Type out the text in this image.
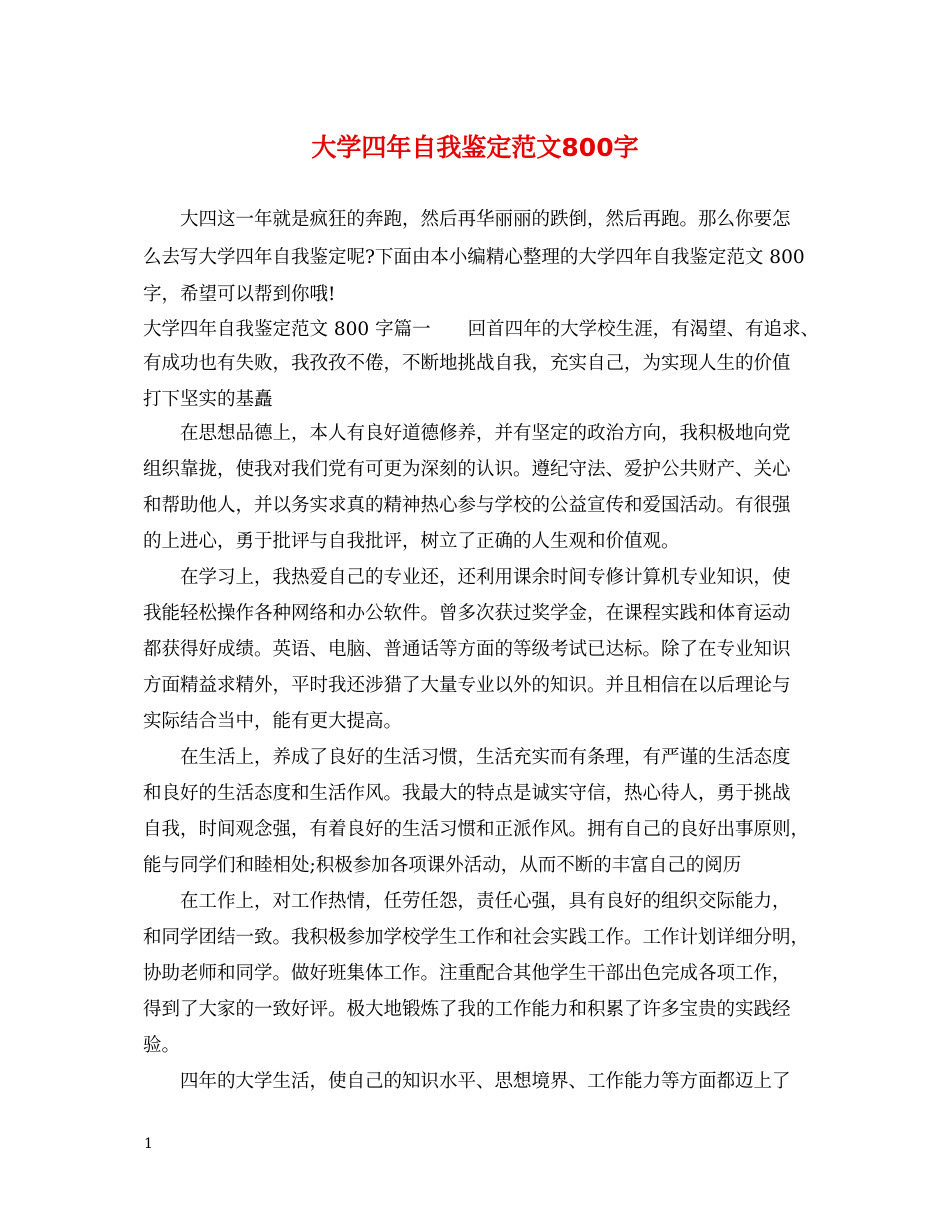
大学四年自我鉴定范文800字
大四这一年就是疯狂的奔跑，然后再华丽丽的跌倒，然后再跑。那么你要怎
么去写大学四年自我鉴定呢?下面由本小编精心整理的大学四年自我鉴定范文 800
字，希望可以帮到你哦!
大学四年自我鉴定范文 800 字篇一　　回首四年的大学校生涯，有渴望、有追求、
有成功也有失败，我孜孜不倦，不断地挑战自我，充实自己，为实现人生的价值
打下坚实的基矗
在思想品德上，本人有良好道德修养，并有坚定的政治方向，我积极地向党
组织靠拢，使我对我们党有可更为深刻的认识。遵纪守法、爱护公共财产、关心
和帮助他人，并以务实求真的精神热心参与学校的公益宣传和爱国活动。有很强
的上进心，勇于批评与自我批评，树立了正确的人生观和价值观。
在学习上，我热爱自己的专业还，还利用课余时间专修计算机专业知识，使
我能轻松操作各种网络和办公软件。曾多次获过奖学金，在课程实践和体育运动
都获得好成绩。英语、电脑、普通话等方面的等级考试已达标。除了在专业知识
方面精益求精外，平时我还涉猎了大量专业以外的知识。并且相信在以后理论与
实际结合当中，能有更大提高。
在生活上，养成了良好的生活习惯，生活充实而有条理，有严谨的生活态度
和良好的生活态度和生活作风。我最大的特点是诚实守信，热心待人，勇于挑战
自我，时间观念强，有着良好的生活习惯和正派作风。拥有自己的良好出事原则，
能与同学们和睦相处;积极参加各项课外活动，从而不断的丰富自己的阅历
在工作上，对工作热情，任劳任怨，责任心强，具有良好的组织交际能力，
和同学团结一致。我积极参加学校学生工作和社会实践工作。工作计划详细分明，
协助老师和同学。做好班集体工作。注重配合其他学生干部出色完成各项工作，
得到了大家的一致好评。极大地锻炼了我的工作能力和积累了许多宝贵的实践经
验。
四年的大学生活，使自己的知识水平、思想境界、工作能力等方面都迈上了
1
